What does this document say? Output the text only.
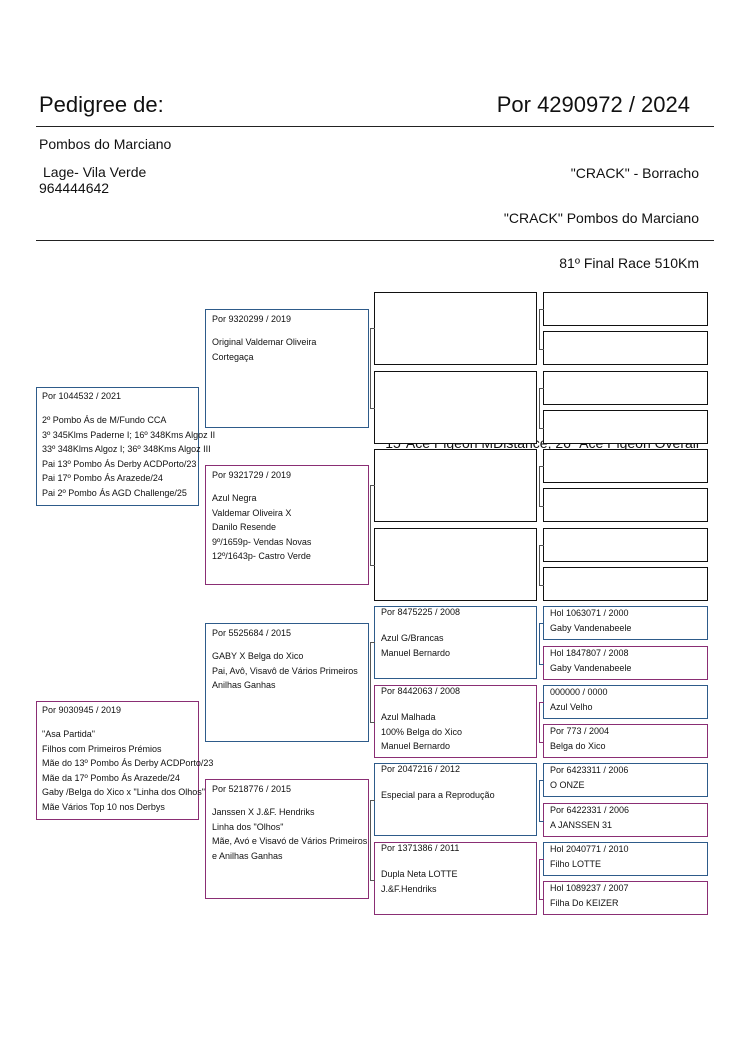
Pedigree de:	Por 4290972 / 2024
Pombos do Marciano
Lage- Vila Verde
964444642

"CRACK" - Borracho

"CRACK" Pombos do Marciano

81º Final Race 510Km

Por 9320299 / 2019
Original Valdemar Oliveira
Cortegaça
Por 9321729 / 2019
Azul Negra
Valdemar Oliveira X
Danilo Resende
9º/1659p- Vendas Novas
12º/1643p- Castro Verde
Por 5525684 / 2015
GABY X Belga do Xico
Pai, Avô, Visavô de Vários Primeiros
Anilhas Ganhas
Por 5218776 / 2015
Janssen X J.&F. Hendriks
Linha dos "Olhos"
Mãe, Avó e Visavó de Vários Primeiros
e Anilhas Ganhas
Por 1044532 / 2021
2º Pombo Ás de M/Fundo CCA
3º 345Klms Paderne I; 16º 348Kms Algoz II
33º 348Klms Algoz I; 36º 348Kms Algoz III
Pai 13º Pombo Ás Derby ACDPorto/23
Pai 17º Pombo Ás Arazede/24
Pai 2º Pombo Ás AGD Challenge/25
Por 9030945 / 2019
"Asa Partida"
Filhos com Primeiros Prémios
Mãe do 13º Pombo Ás Derby ACDPorto/23
Mãe da 17º Pombo Ás Arazede/24
Gaby /Belga do Xico x "Linha dos Olhos"
Mãe Vários Top 10 nos Derbys
Por 8475225 / 2008
Azul G/Brancas
Manuel Bernardo
Por 8442063 / 2008
Azul Malhada
100% Belga do Xico
Manuel Bernardo
Por 2047216 / 2012
Especial para a Reprodução
Por 1371386 / 2011
Dupla Neta LOTTE
J.&F.Hendriks
Hol 1063071 / 2000
Gaby Vandenabeele
Hol 1847807 / 2008
Gaby Vandenabeele
000000 / 0000
Azul Velho
Por 773 / 2004
Belga do Xico
Por 6423311 / 2006
O ONZE
Por 6422331 / 2006
A JANSSEN 31
Hol 2040771 / 2010
Filho LOTTE
Hol 1089237 / 2007
Filha Do KEIZER
